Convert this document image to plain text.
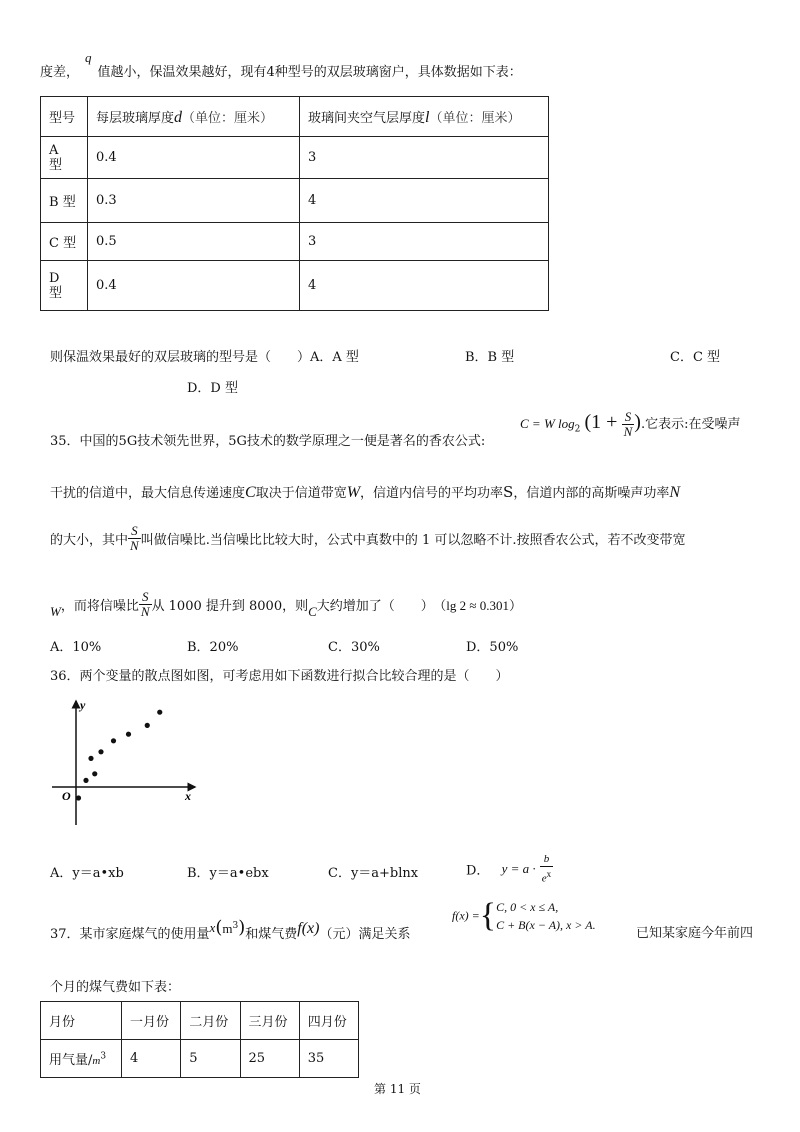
度差，q值越小，保温效果越好，现有4种型号的双层玻璃窗户，具体数据如下表：
型号	每层玻璃厚度d（单位：厘米）	玻璃间夹空气层厚度l（单位：厘米）
A
型	0.4	3
B 型	0.3	4
C 型	0.5	3
D
型	0.4	4
则保温效果最好的双层玻璃的型号是（　　）A．A 型	B．B 型	C．C 型
D．D 型
35．中国的5G技术领先世界，5G技术的数学原理之一便是著名的香农公式:
C = W $\log_2 (1 + \frac{S}{N}$ ).它表示:在受噪声
干扰的信道中，最大信息传递速度C取决于信道带宽W，信道内信号的平均功率S，信道内部的高斯噪声功率N
的大小，其中 $\frac{S}{N}$ 叫做信噪比.当信噪比比较大时，公式中真数中的 1 可以忽略不计.按照香农公式，若不改变带宽
W，而将信噪比 $\frac{S}{N}$ 从 1000 提升到 8000，则C大约增加了（　　） （lg 2 ≈ 0.301）
A．10%	B．20%	C．30%	D．50%
36．两个变量的散点图如图，可考虑用如下函数进行拟合比较合理的是（　　）
y
x
O
A．y＝a•xb	B．y＝a•ebx	C．y＝a+blnx	D． $y = a \cdot \frac{b}{e^x}$
37．某市家庭煤气的使用量$x(m^3)$和煤气费f(x)（元）满足关系
f(x) ={C, 0 < x ≤ A,
C + B(x − A), x > A.
已知某家庭今年前四
个月的煤气费如下表：
月份	一月份	二月份	三月份	四月份
用气量$/m^3$	4	5	25	35
第 11 页
